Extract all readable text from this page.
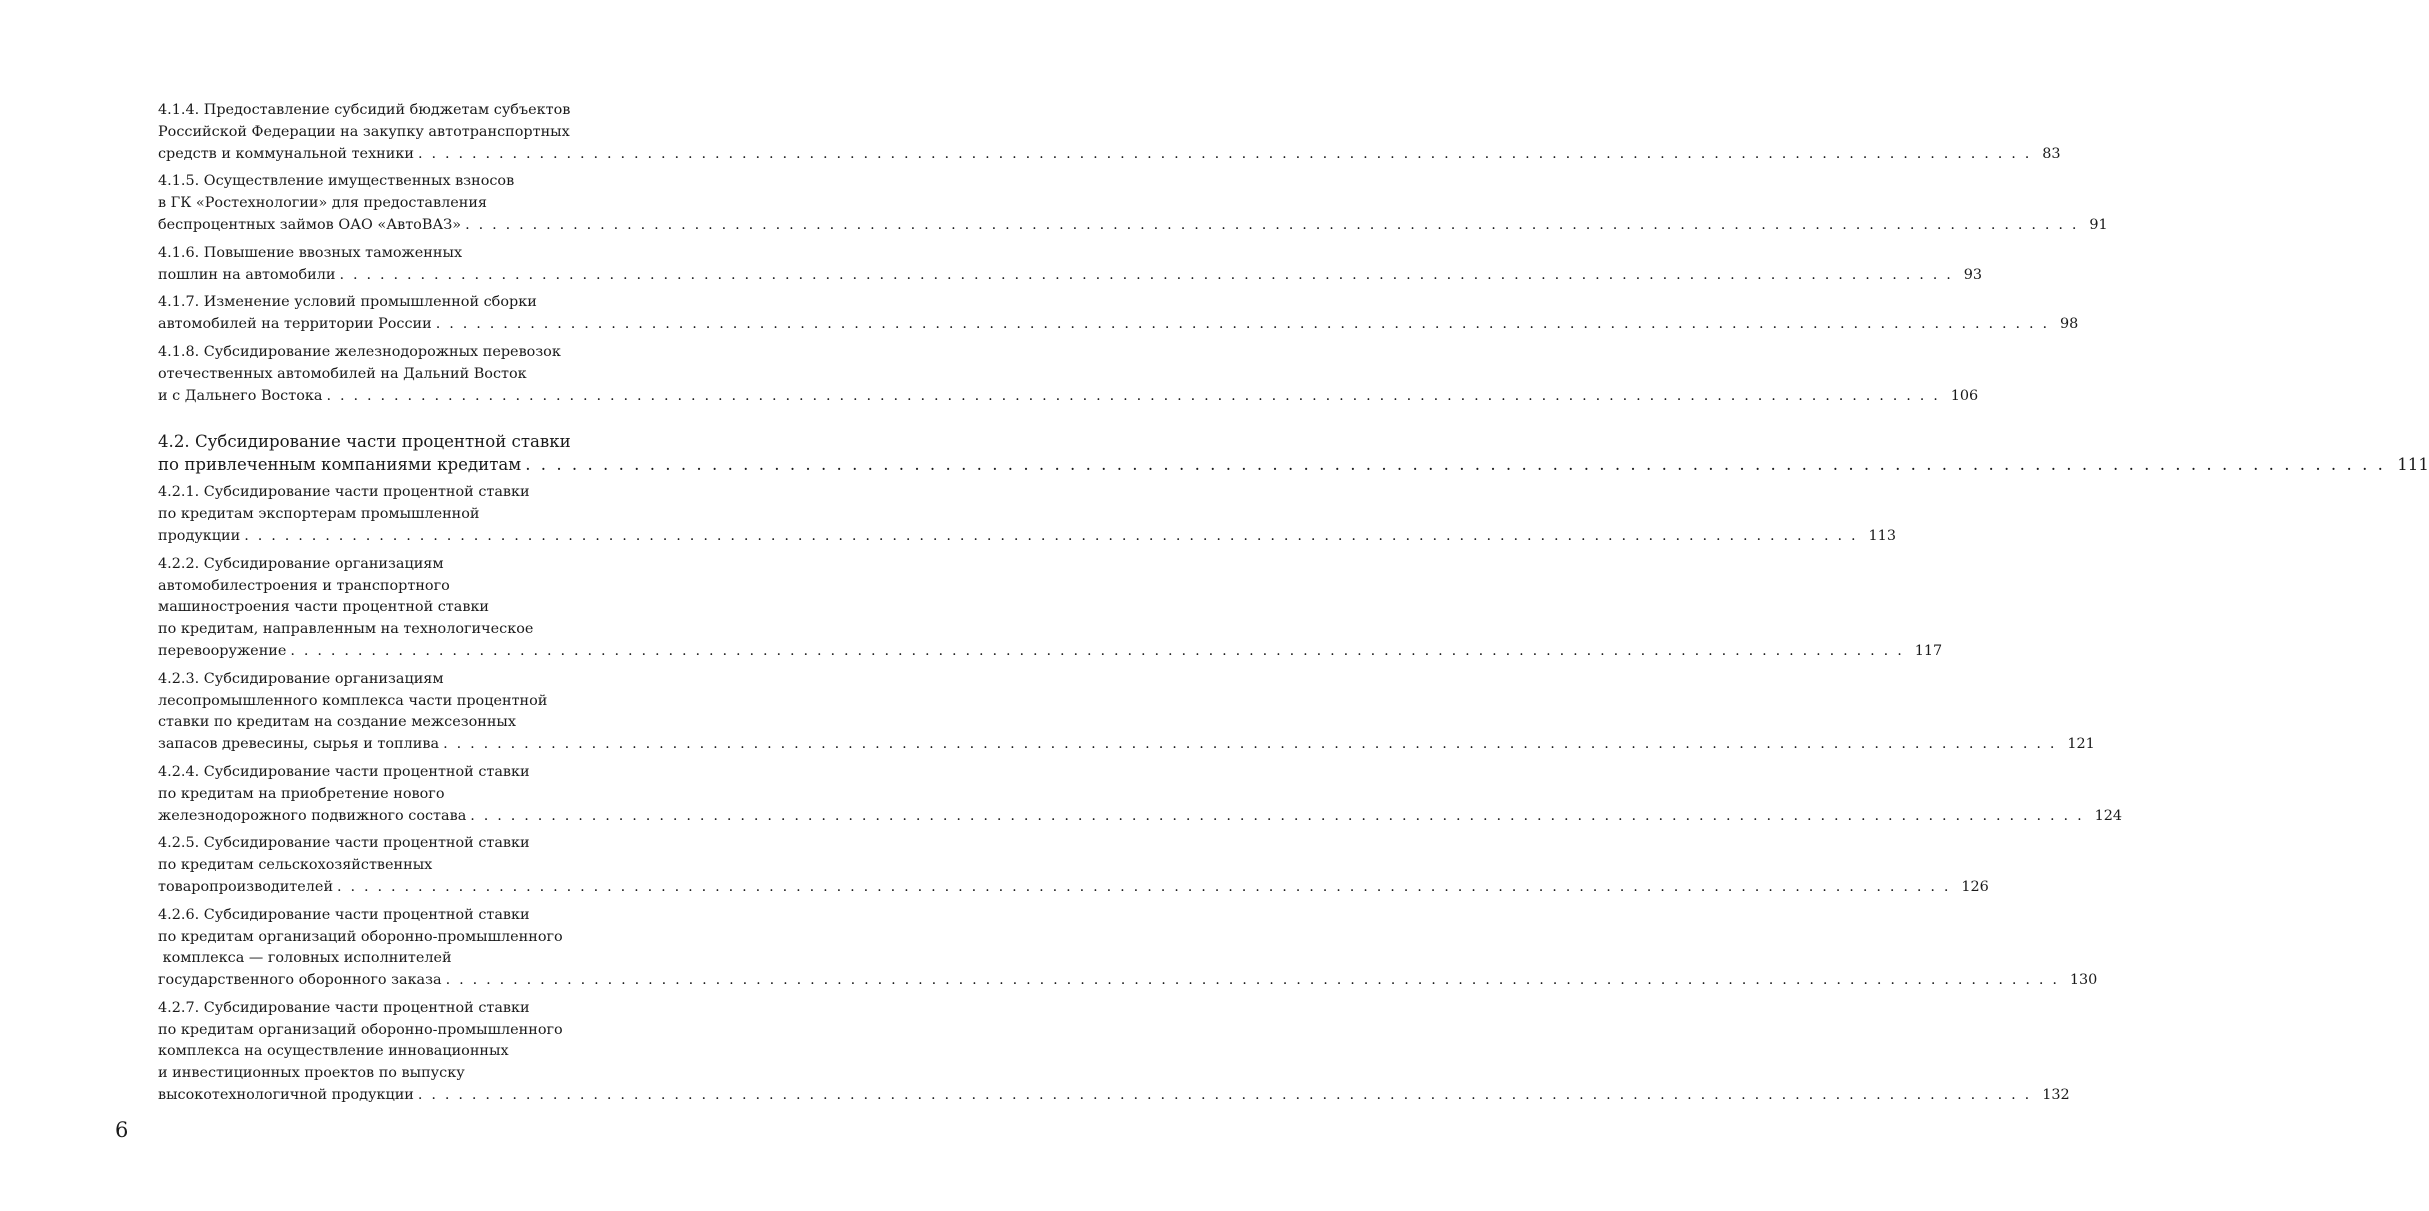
4.1.4. Предоставление субсидий бюджетам субъектов
Российской Федерации на закупку автотранспортных
средств и коммунальной техники ........................................................................................................................ 83
4.1.5. Осуществление имущественных взносов
в ГК «Ростехнологии» для предоставления
беспроцентных займов ОАО «АвтоВАЗ» ........................................................................................................................ 91
4.1.6. Повышение ввозных таможенных
пошлин на автомобили ........................................................................................................................ 93
4.1.7. Изменение условий промышленной сборки
автомобилей на территории России ........................................................................................................................ 98
4.1.8. Субсидирование железнодорожных перевозок
отечественных автомобилей на Дальний Восток
и с Дальнего Востока ........................................................................................................................ 106
4.2. Субсидирование части процентной ставки
по привлеченным компаниями кредитам ........................................................................................................................ 111
4.2.1. Субсидирование части процентной ставки
по кредитам экспортерам промышленной
продукции ........................................................................................................................ 113
4.2.2. Субсидирование организациям
автомобилестроения и транспортного
машиностроения части процентной ставки
по кредитам, направленным на технологическое
перевооружение ........................................................................................................................ 117
4.2.3. Субсидирование организациям
лесопромышленного комплекса части процентной
ставки по кредитам на создание межсезонных
запасов древесины, сырья и топлива ........................................................................................................................ 121
4.2.4. Субсидирование части процентной ставки
по кредитам на приобретение нового
железнодорожного подвижного состава ........................................................................................................................ 124
4.2.5. Субсидирование части процентной ставки
по кредитам сельскохозяйственных
товаропроизводителей ........................................................................................................................ 126
4.2.6. Субсидирование части процентной ставки
по кредитам организаций оборонно-промышленного
комплекса — головных исполнителей
государственного оборонного заказа ........................................................................................................................ 130
4.2.7. Субсидирование части процентной ставки
по кредитам организаций оборонно-промышленного
комплекса на осуществление инновационных
и инвестиционных проектов по выпуску
высокотехнологичной продукции ........................................................................................................................ 132
6
